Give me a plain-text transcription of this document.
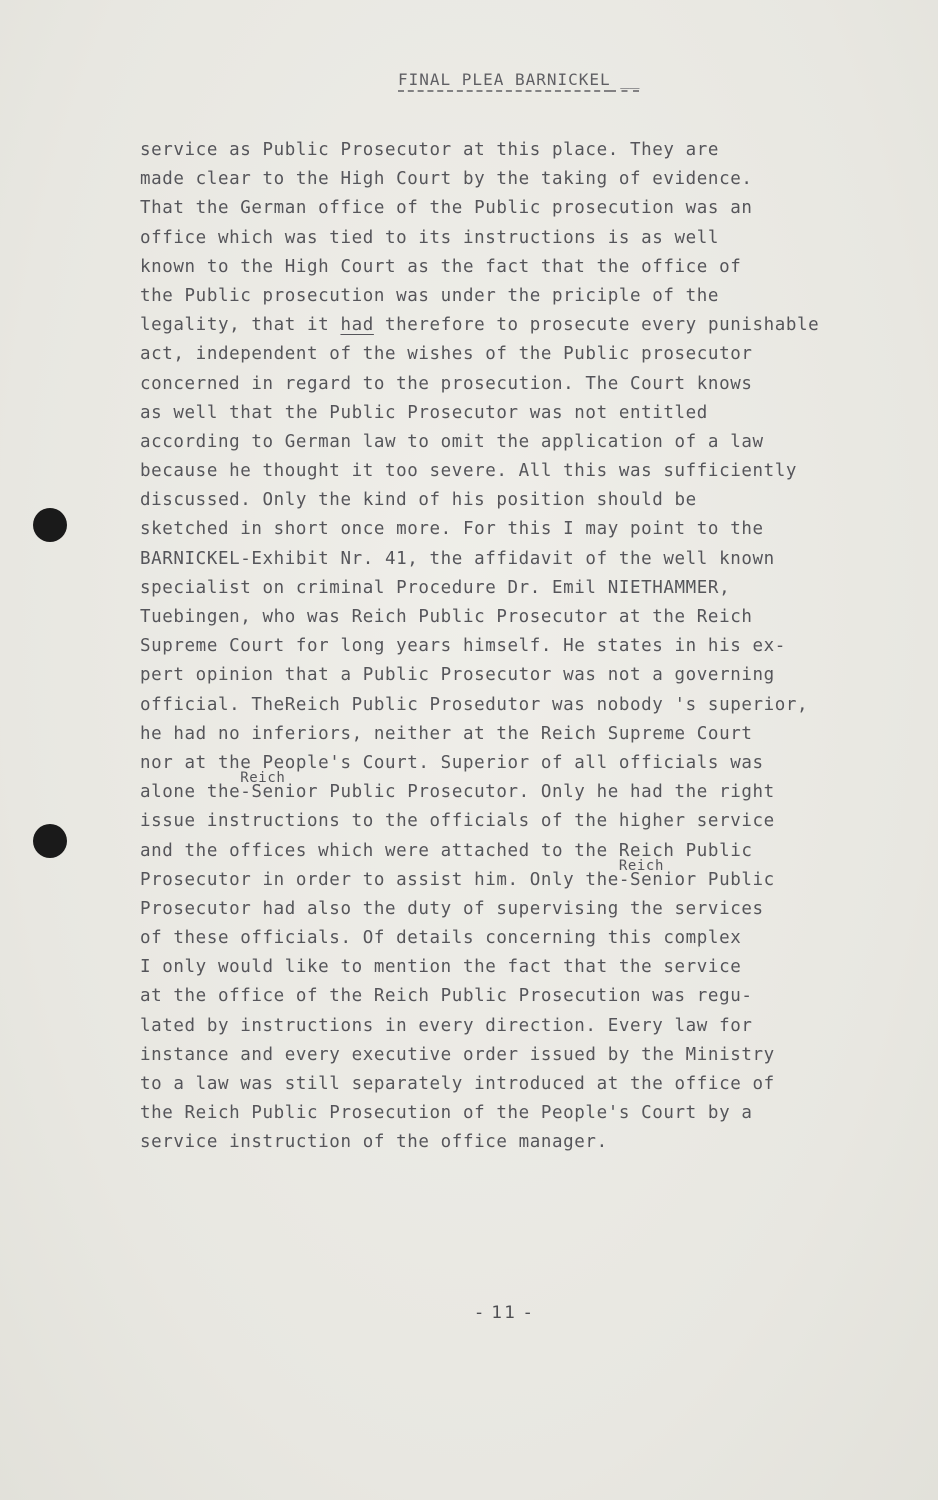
FINAL PLEA BARNICKEL __
service as Public Prosecutor at this place. They are
made clear to the High Court by the taking of evidence.
That the German office of the Public prosecution was an
office which was tied to its instructions is as well
known to the High Court as the fact that the office of
the Public prosecution was under the priciple of the
legality, that it had therefore to prosecute every punishable
act, independent of the wishes of the Public prosecutor
concerned in regard to the prosecution. The Court knows
as well that the Public Prosecutor was not entitled
according to German law to omit the application of a law
because he thought it too severe. All this was sufficiently
discussed. Only the kind of his position should be
sketched in short once more. For this I may point to the
BARNICKEL-Exhibit Nr. 41, the affidavit of the well known
specialist on criminal Procedure Dr. Emil NIETHAMMER,
Tuebingen, who was Reich Public Prosecutor at the Reich
Supreme Court for long years himself. He states in his ex-
pert opinion that a Public Prosecutor was not a governing
official. TheReich Public Prosedutor was nobody 's superior,
he had no inferiors, neither at the Reich Supreme Court
nor at the People's Court. Superior of all officials was
alone the
Reich
-Senior Public Prosecutor. Only he had the right
issue instructions to the officials of the higher service
and the offices which were attached to the Reich Public
Prosecutor in order to assist him. Only the
Reich
-Senior Public
Prosecutor had also the duty of supervising the services
of these officials. Of details concerning this complex
I only would like to mention the fact that the service
at the office of the Reich Public Prosecution was regu-
lated by instructions in every direction. Every law for
instance and every executive order issued by the Ministry
to a law was still separately introduced at the office of
the Reich Public Prosecution of the People's Court by a
service instruction of the office manager.
- 11 -
